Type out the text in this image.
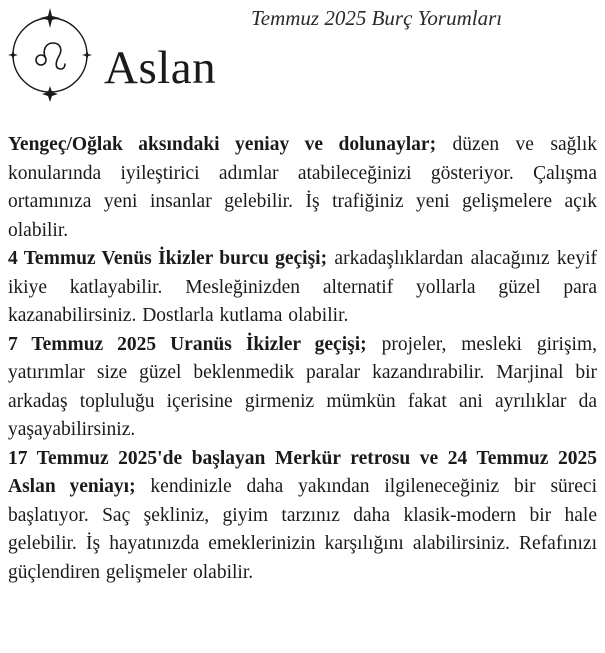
Aslan
Temmuz 2025 Burç Yorumları

Yengeç/Oğlak aksındaki yeniay ve dolunaylar; düzen ve sağlık konularında iyileştirici adımlar atabileceğinizi gösteriyor. Çalışma ortamınıza yeni insanlar gelebilir. İş trafiğiniz yeni gelişmelere açık olabilir.

4 Temmuz Venüs İkizler burcu geçişi; arkadaşlıklardan alacağınız keyif ikiye katlayabilir. Mesleğinizden alternatif yollarla güzel para kazanabilirsiniz. Dostlarla kutlama olabilir.

7 Temmuz 2025 Uranüs İkizler geçişi; projeler, mesleki girişim, yatırımlar size güzel beklenmedik paralar kazandırabilir. Marjinal bir arkadaş topluluğu içerisine girmeniz mümkün fakat ani ayrılıklar da yaşayabilirsiniz.

17 Temmuz 2025'de başlayan Merkür retrosu ve 24 Temmuz 2025 Aslan yeniayı; kendinizle daha yakından ilgileneceğiniz bir süreci başlatıyor. Saç şekliniz, giyim tarzınız daha klasik-modern bir hale gelebilir. İş hayatınızda emeklerinizin karşılığını alabilirsiniz. Refafınızı güçlendiren gelişmeler olabilir.
